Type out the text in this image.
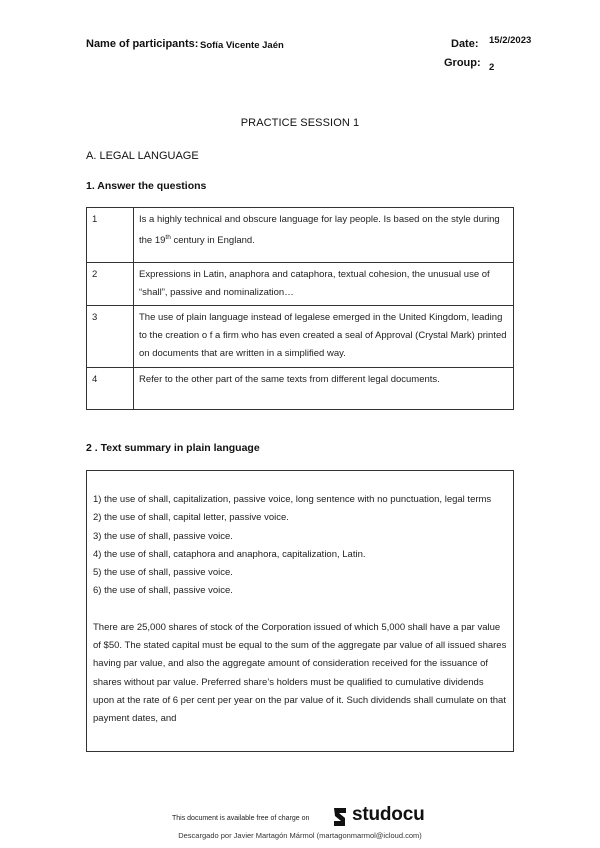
Name of participants: Sofía Vicente Jaén	Date: 15/2/2023
Group: 2
PRACTICE SESSION 1
A. LEGAL LANGUAGE
1. Answer the questions
1	Is a highly technical and obscure language for lay people. Is based on the style during the 19th century in England.
2	Expressions in Latin, anaphora and cataphora, textual cohesion, the unusual use of “shall”, passive and nominalization…
3	The use of plain language instead of legalese emerged in the United Kingdom, leading to the creation o f a firm who has even created a seal of Approval (Crystal Mark) printed on documents that are written in a simplified way.
4	Refer to the other part of the same texts from different legal documents.
2 . Text summary in plain language

1) the use of shall, capitalization, passive voice, long sentence with no punctuation, legal terms

2) the use of shall, capital letter, passive voice.

3) the use of shall, passive voice.

4) the use of shall, cataphora and anaphora, capitalization, Latin.

5) the use of shall, passive voice.

6) the use of shall, passive voice.

There are 25,000 shares of stock of the Corporation issued of which 5,000 shall have a par value of $50. The stated capital must be equal to the sum of the aggregate par value of all issued shares having par value, and also the aggregate amount of consideration received for the issuance of shares without par value. Preferred share’s holders must be qualified to cumulative dividends upon at the rate of 6 per cent per year on the par value of it. Such dividends shall cumulate on that payment dates, and

This document is available free of charge on studocu
Descargado por Javier Martagón Mármol (martagonmarmol@icloud.com)
